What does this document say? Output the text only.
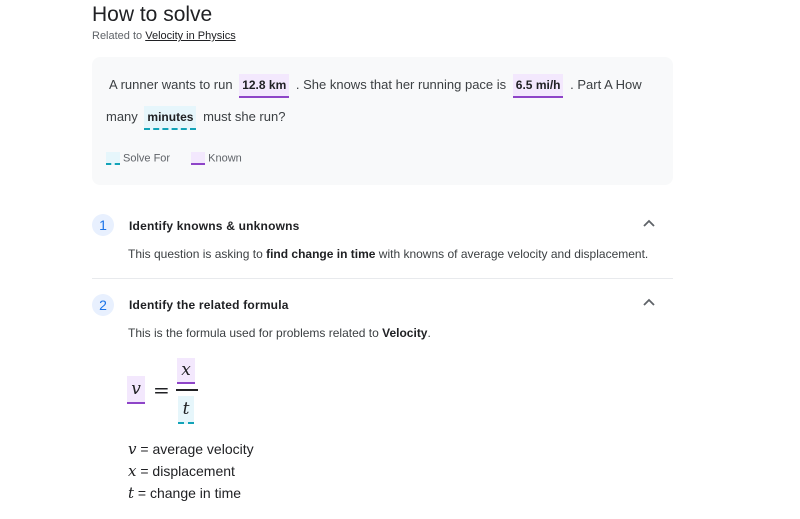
How to solve
Related to Velocity in Physics
A runner wants to run 12.8 km . She knows that her running pace is 6.5 mi/h . Part A How
many minutes must she run?
Solve For	Known
1	Identify knowns & unknowns
This question is asking to find change in time with knowns of average velocity and displacement.
2	Identify the related formula
This is the formula used for problems related to Velocity.
v =
x
t
v = average velocity
x = displacement
t = change in time
